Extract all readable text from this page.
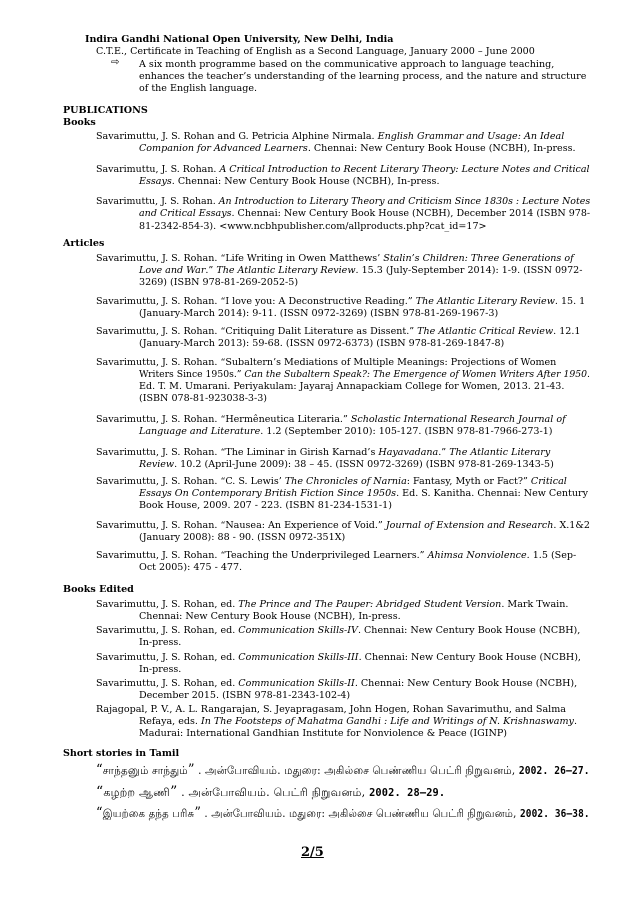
Indira Gandhi National Open University, New Delhi, India
C.T.E., Certificate in Teaching of English as a Second Language, January 2000 – June 2000
⇨ A six month programme based on the communicative approach to language teaching,
enhances the teacher’s understanding of the learning process, and the nature and structure
of the English language.
PUBLICATIONS
Books
Savarimuttu, J. S. Rohan and G. Petricia Alphine Nirmala. English Grammar and Usage: An Ideal
Companion for Advanced Learners. Chennai: New Century Book House (NCBH), In-press.
Savarimuttu, J. S. Rohan. A Critical Introduction to Recent Literary Theory: Lecture Notes and Critical
Essays. Chennai: New Century Book House (NCBH), In-press.
Savarimuttu, J. S. Rohan. An Introduction to Literary Theory and Criticism Since 1830s : Lecture Notes
and Critical Essays. Chennai: New Century Book House (NCBH), December 2014 (ISBN 978-
81-2342-854-3). <www.ncbhpublisher.com/allproducts.php?cat_id=17>
Articles
Savarimuttu, J. S. Rohan. “Life Writing in Owen Matthews’ Stalin’s Children: Three Generations of
Love and War.” The Atlantic Literary Review. 15.3 (July-September 2014): 1-9. (ISSN 0972-
3269) (ISBN 978-81-269-2052-5)
Savarimuttu, J. S. Rohan. “I love you: A Deconstructive Reading.” The Atlantic Literary Review. 15. 1
(January-March 2014): 9-11. (ISSN 0972-3269) (ISBN 978-81-269-1967-3)
Savarimuttu, J. S. Rohan. “Critiquing Dalit Literature as Dissent.” The Atlantic Critical Review. 12.1
(January-March 2013): 59-68. (ISSN 0972-6373) (ISBN 978-81-269-1847-8)
Savarimuttu, J. S. Rohan. “Subaltern’s Mediations of Multiple Meanings: Projections of Women
Writers Since 1950s.” Can the Subaltern Speak?: The Emergence of Women Writers After 1950.
Ed. T. M. Umarani. Periyakulam: Jayaraj Annapackiam College for Women, 2013. 21-43.
(ISBN 078-81-923038-3-3)
Savarimuttu, J. S. Rohan. “Hermêneutica Literaria.” Scholastic International Research Journal of
Language and Literature. 1.2 (September 2010): 105-127. (ISBN 978-81-7966-273-1)
Savarimuttu, J. S. Rohan. “The Liminar in Girish Karnad’s Hayavadana.” The Atlantic Literary
Review. 10.2 (April-June 2009): 38 – 45. (ISSN 0972-3269) (ISBN 978-81-269-1343-5)
Savarimuttu, J. S. Rohan. “C. S. Lewis’ The Chronicles of Narnia: Fantasy, Myth or Fact?” Critical
Essays On Contemporary British Fiction Since 1950s. Ed. S. Kanitha. Chennai: New Century
Book House, 2009. 207 - 223. (ISBN 81-234-1531-1)
Savarimuttu, J. S. Rohan. “Nausea: An Experience of Void.” Journal of Extension and Research. X.1&2
(January 2008): 88 - 90. (ISSN 0972-351X)
Savarimuttu, J. S. Rohan. “Teaching the Underprivileged Learners.” Ahimsa Nonviolence. 1.5 (Sep-
Oct 2005): 475 - 477.
Books Edited
Savarimuttu, J. S. Rohan, ed. The Prince and The Pauper: Abridged Student Version. Mark Twain.
Chennai: New Century Book House (NCBH), In-press.
Savarimuttu, J. S. Rohan, ed. Communication Skills-IV. Chennai: New Century Book House (NCBH),
In-press.
Savarimuttu, J. S. Rohan, ed. Communication Skills-III. Chennai: New Century Book House (NCBH),
In-press.
Savarimuttu, J. S. Rohan, ed. Communication Skills-II. Chennai: New Century Book House (NCBH),
December 2015. (ISBN 978-81-2343-102-4)
Rajagopal, P. V., A. L. Rangarajan, S. Jeyapragasam, John Hogen, Rohan Savarimuthu, and Salma
Refaya, eds. In The Footsteps of Mahatma Gandhi : Life and Writings of N. Krishnaswamy.
Madurai: International Gandhian Institute for Nonviolence & Peace (IGINP)
Short stories in Tamil
“சாந்தனும் சாந்தும்” . அன்போவியம். மதுரை: அகில்சை பெண்ணிய பெட்ரி நிறுவனம், 2002. 26–27.
“கழற்ற ஆணி” . அன்போவியம். பெட்ரி நிறுவனம், 2002. 28–29.
“இயற்கை தந்த பரிசு” . அன்போவியம். மதுரை: அகில்சை பெண்ணிய பெட்ரி நிறுவனம், 2002. 36–38.
2/5
